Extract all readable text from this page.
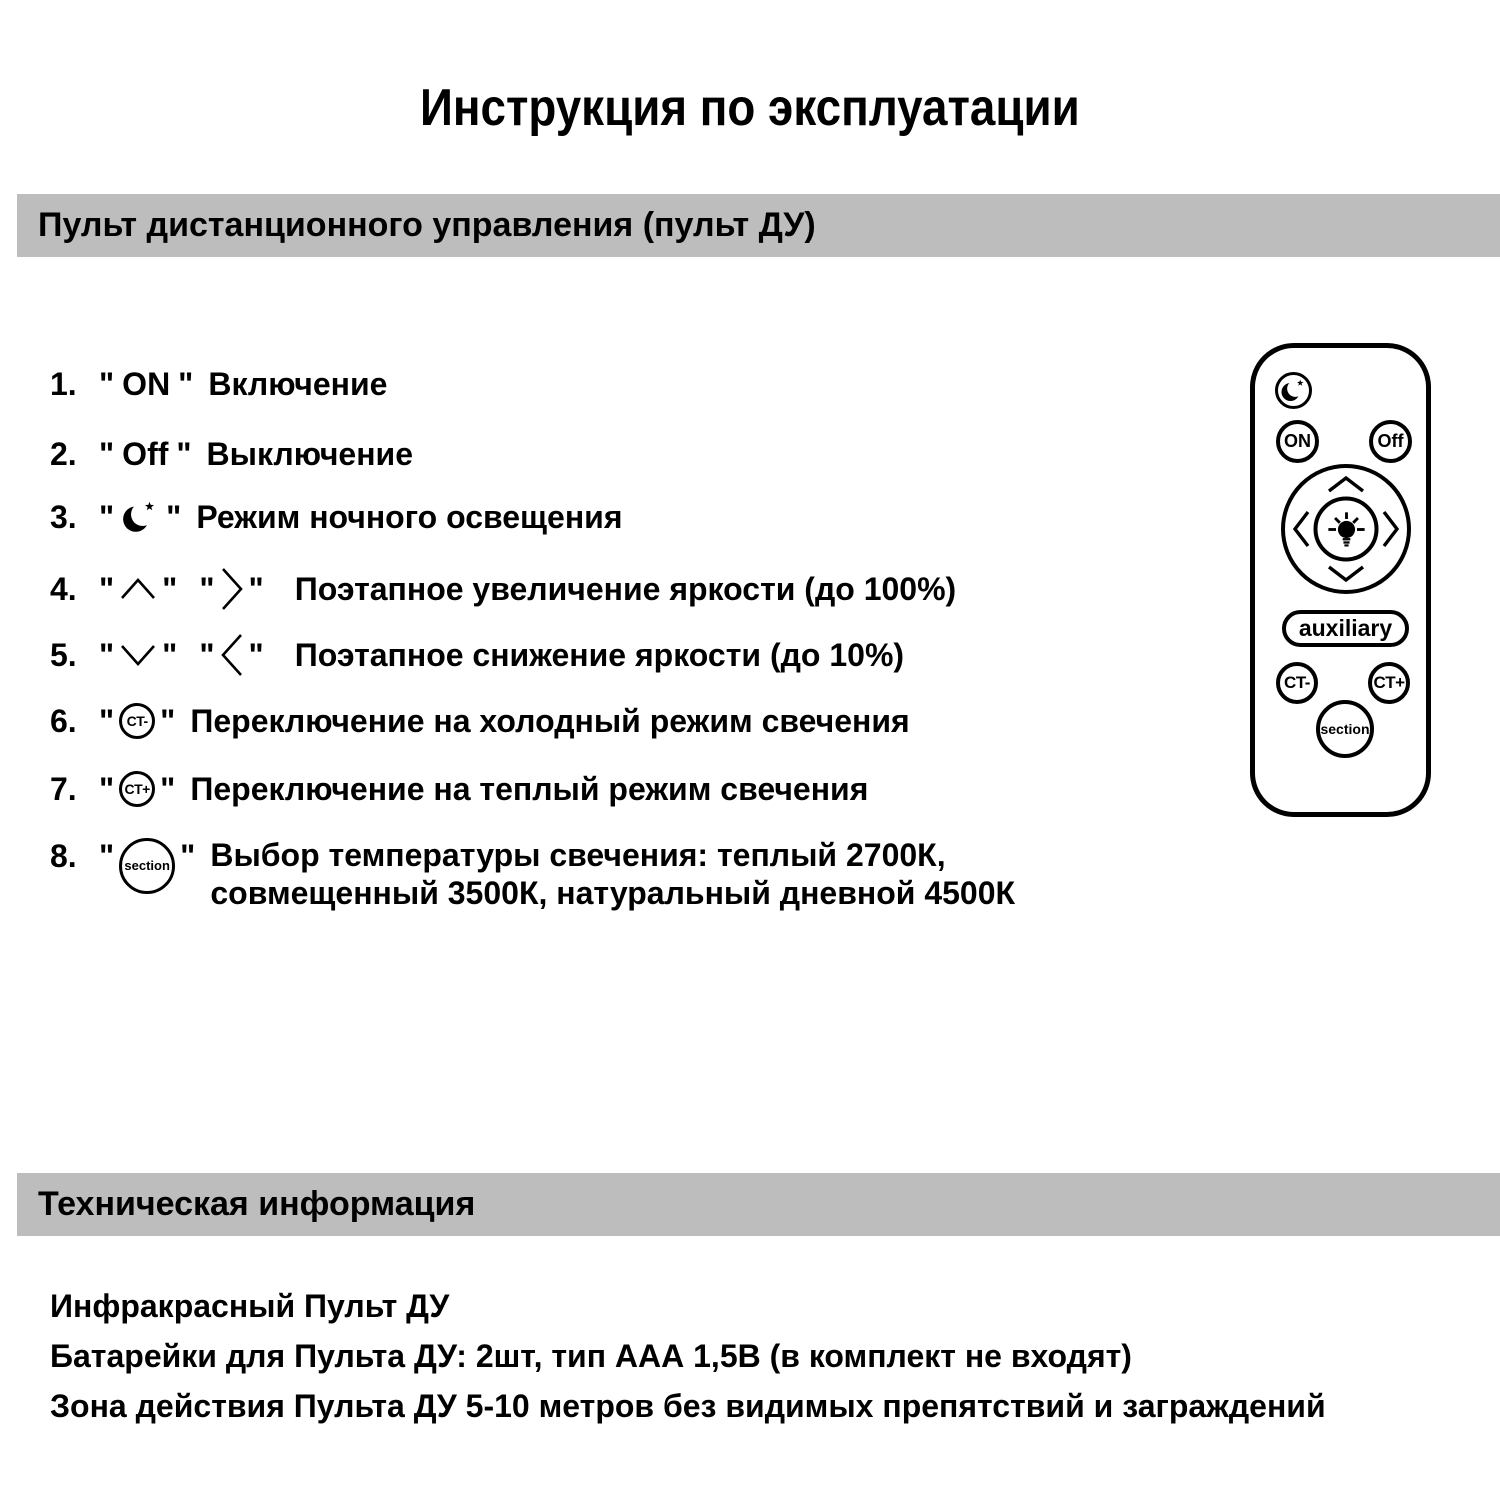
Инструкция по эксплуатации
Пульт дистанционного управления (пульт ДУ)
1. " ON " Включение
2. " Off " Выключение
3. " " Режим ночного освещения
4. " " " " Поэтапное увеличение яркости (до 100%)
5. " " " " Поэтапное снижение яркости (до 10%)
6. " CT- " Переключение на холодный режим свечения
7. " CT+ " Переключение на теплый режим свечения
8. " section " Выбор температуры свечения: теплый 2700К,
совмещенный 3500К, натуральный дневной 4500К
ON	Off
auxiliary
CT-	CT+
section
Техническая информация
Инфракрасный Пульт ДУ
Батарейки для Пульта ДУ: 2шт, тип ААА 1,5В (в комплект не входят)
Зона действия Пульта ДУ 5-10 метров без видимых препятствий и заграждений
